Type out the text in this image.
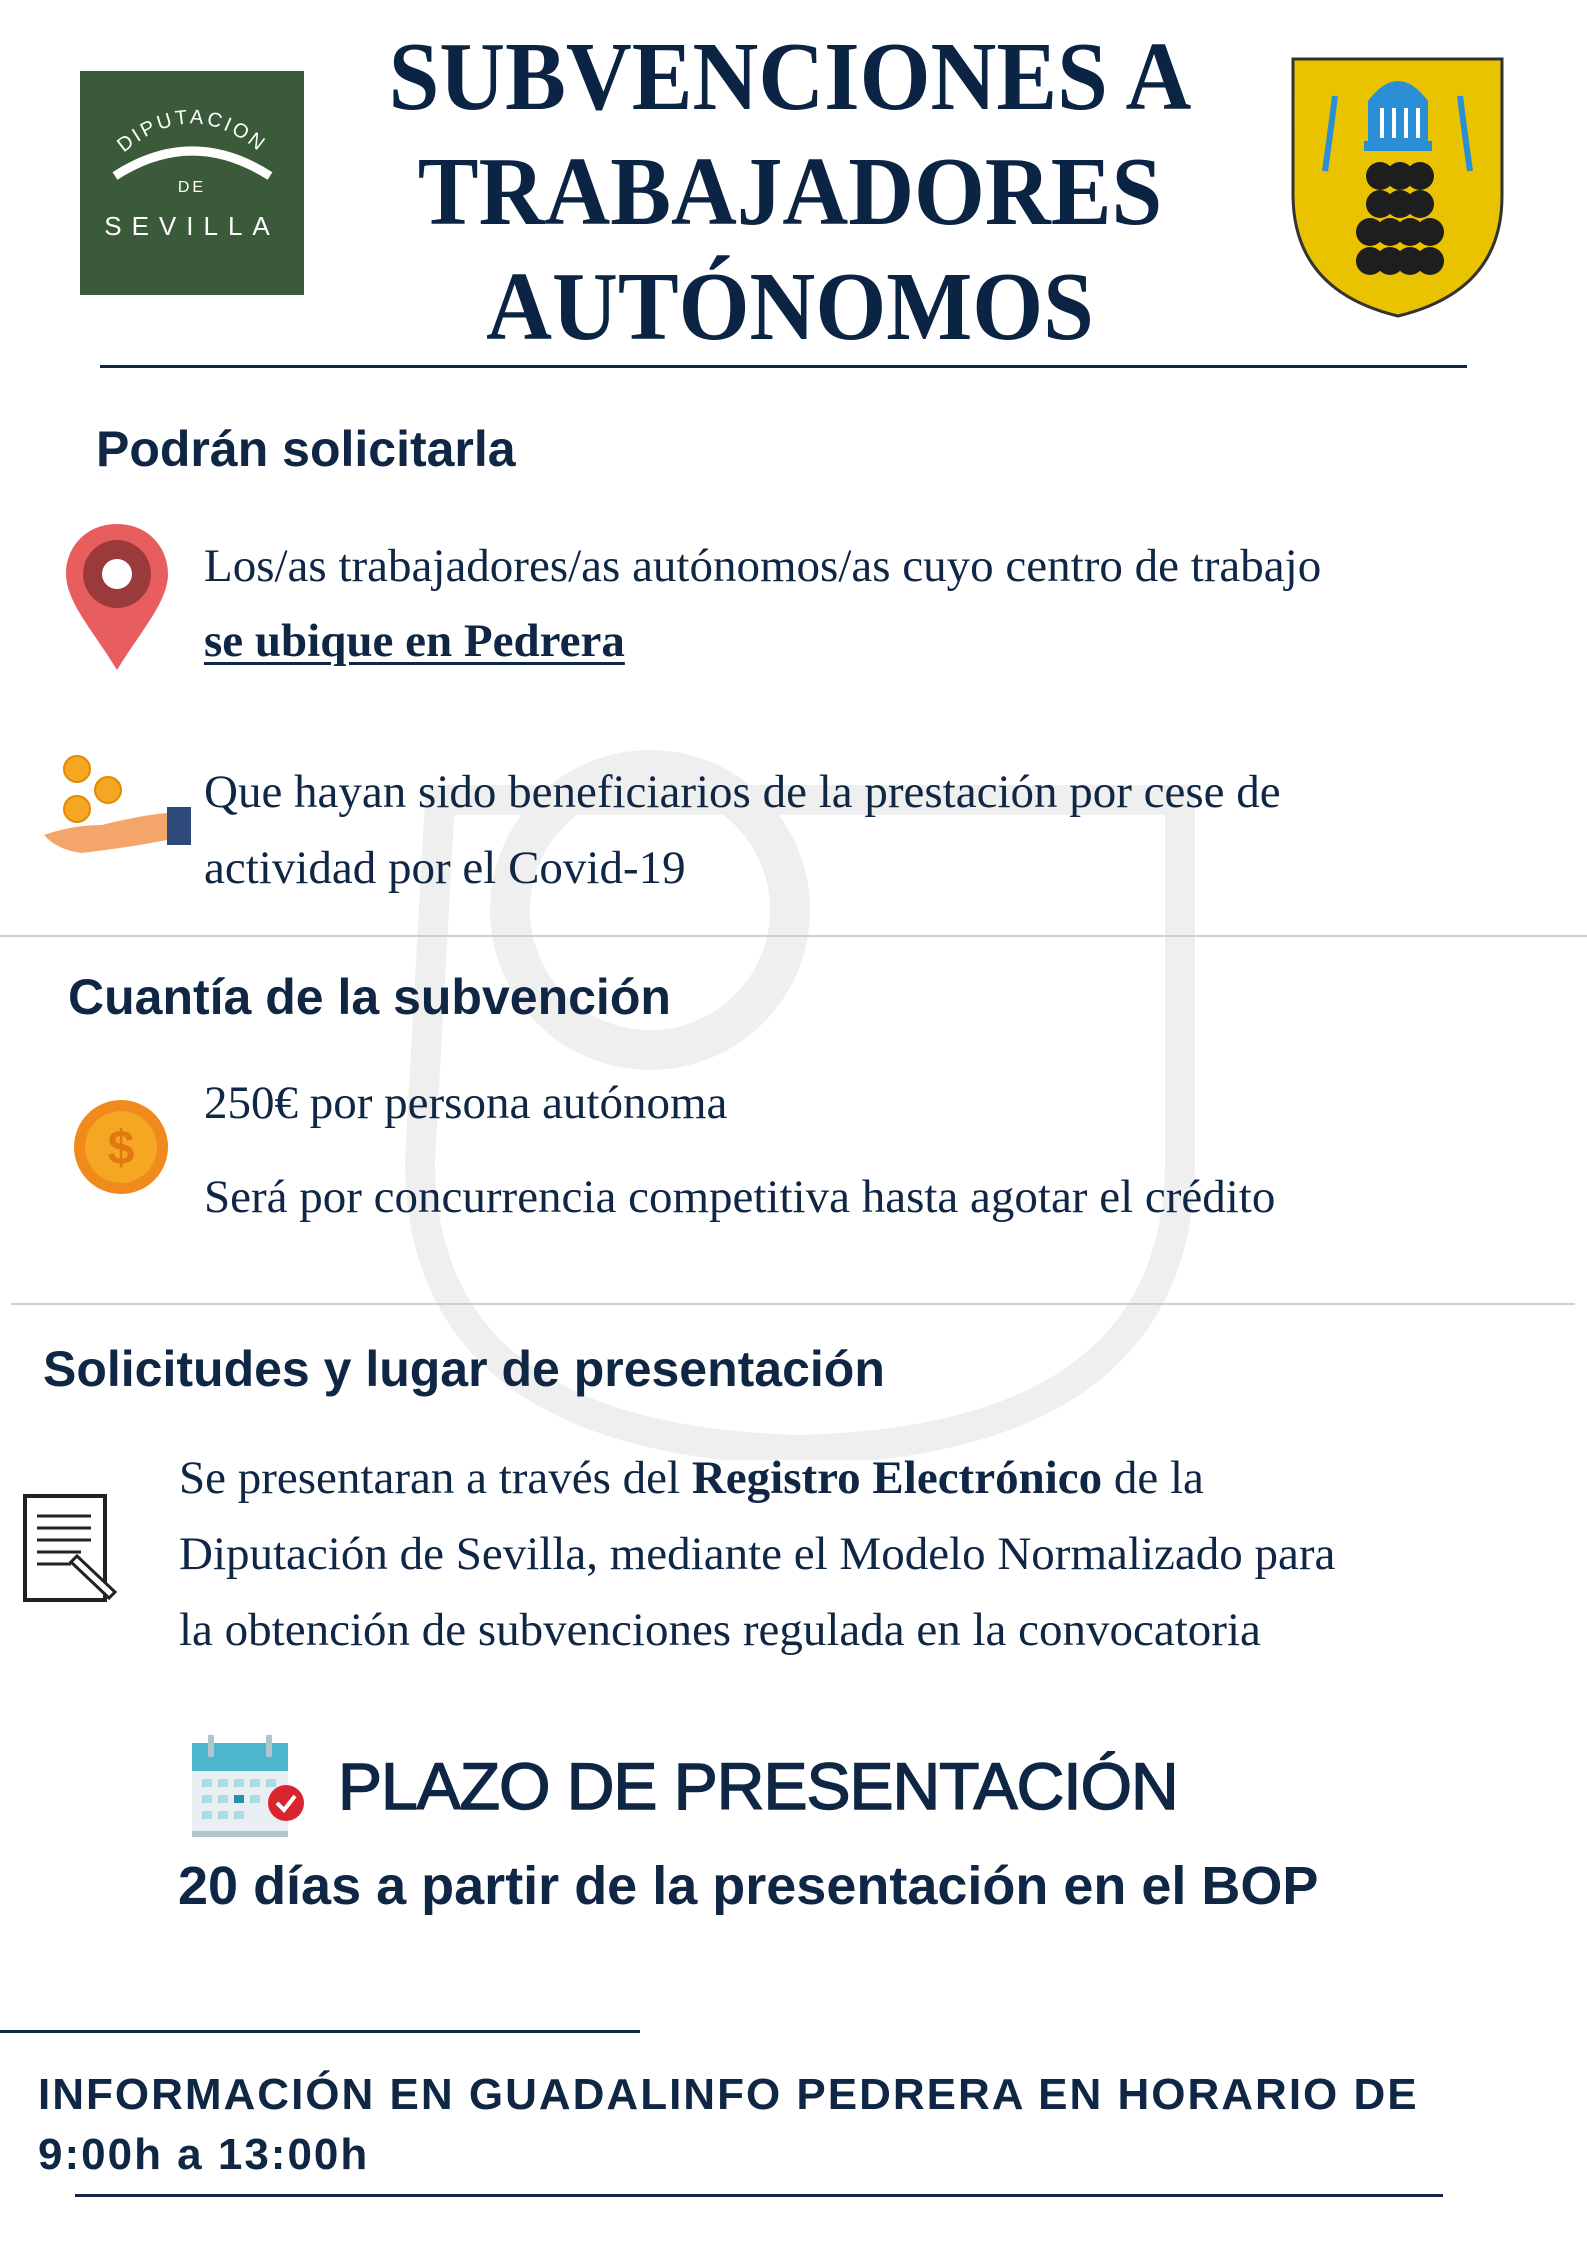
DIPUTACION
DE
SEVILLA
SUBVENCIONES A
TRABAJADORES
AUTÓNOMOS
Podrán solicitarla
Los/as trabajadores/as autónomos/as cuyo centro de trabajo
se ubique en Pedrera
Que hayan sido beneficiarios de la prestación por cese de
actividad por el Covid-19
Cuantía de la subvención
$
250€ por persona autónoma
Será por concurrencia competitiva hasta agotar el crédito
Solicitudes y lugar de presentación
Se presentaran a través del Registro Electrónico de la
Diputación de Sevilla, mediante el Modelo Normalizado para
la obtención de subvenciones regulada en la convocatoria
PLAZO DE PRESENTACIÓN
20 días a partir de la presentación en el BOP
INFORMACIÓN EN GUADALINFO PEDRERA EN HORARIO DE
9:00h a 13:00h
